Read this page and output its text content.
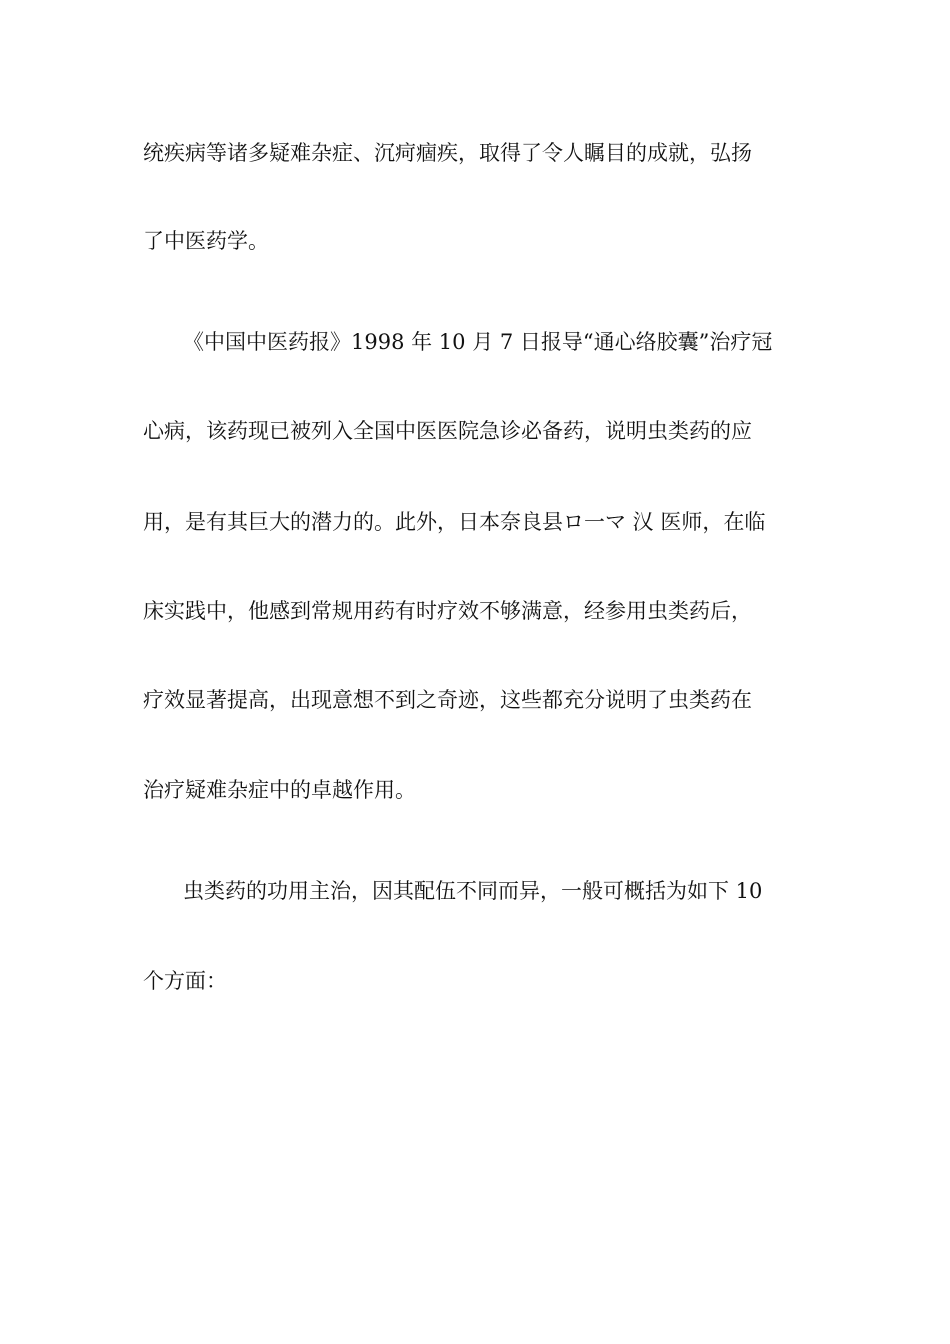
统疾病等诸多疑难杂症、沉疴痼疾，取得了令人瞩目的成就，弘扬
了中医药学。
《中国中医药报》1998 年 10 月 7 日报导“通心络胶囊”治疗冠
心病，该药现已被列入全国中医医院急诊必备药，说明虫类药的应
用，是有其巨大的潜力的。此外，日本奈良县ロ一マ 㲼 医师，在临
床实践中，他感到常规用药有时疗效不够满意，经参用虫类药后，
疗效显著提高，出现意想不到之奇迹，这些都充分说明了虫类药在
治疗疑难杂症中的卓越作用。
虫类药的功用主治，因其配伍不同而异，一般可概括为如下 10
个方面：
